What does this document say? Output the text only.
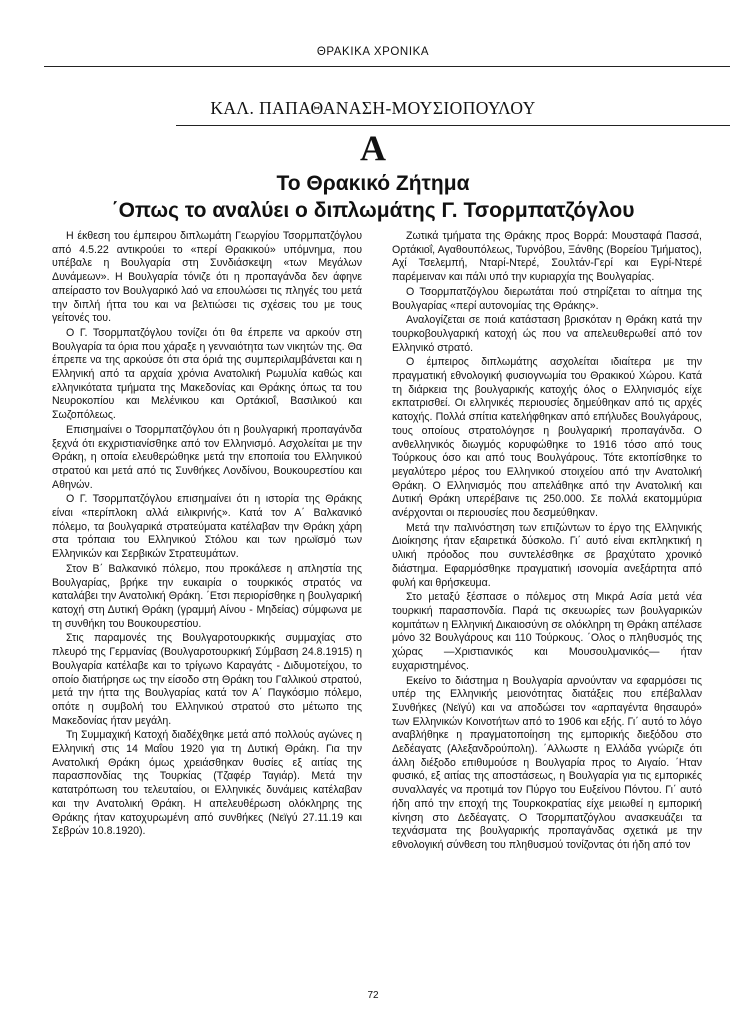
ΘΡΑΚΙΚΑ ΧΡΟΝΙΚΑ
ΚΑΛ. ΠΑΠΑΘΑΝΑΣΗ-ΜΟΥΣΙΟΠΟΥΛΟΥ
Α
Το Θρακικό Ζήτημα
΄Οπως το αναλύει ο διπλωμάτης Γ. Τσορμπατζόγλου

Η έκθεση του έμπειρου διπλωμάτη Γεωργίου Τσορμπατζόγλου από 4.5.22 αντικρούει το «περί Θρακικού» υπόμνημα, που υπέβαλε η Βουλγαρία στη Συνδιάσκεψη «των Μεγάλων Δυνάμεων». Η Βουλγαρία τόνιζε ότι η προπαγάνδα δεν άφηνε απείραστο τον Βουλγαρικό λαό να επουλώσει τις πληγές του μετά την διπλή ήττα του και να βελτιώσει τις σχέσεις του με τους γείτονές του.

Ο Γ. Τσορμπατζόγλου τονίζει ότι θα έπρεπε να αρκούν στη Βουλγαρία τα όρια που χάραξε η γενναιότητα των νικητών της. Θα έπρεπε να της αρκούσε ότι στα όριά της συμπεριλαμβάνεται και η Ελληνική από τα αρχαία χρόνια Ανατολική Ρωμυλία καθώς και ελληνικότατα τμήματα της Μακεδονίας και Θράκης όπως τα του Νευροκοπίου και Μελένικου και Ορτάκιοΐ, Βασιλικού και Σωζοπόλεως.

Επισημαίνει ο Τσορμπατζόγλου ότι η βουλγαρική προπαγάνδα ξεχνά ότι εκχριστιανίσθηκε από τον Ελληνισμό. Ασχολείται με την Θράκη, η οποία ελευθερώθηκε μετά την εποποιία του Ελληνικού στρατού και μετά από τις Συνθήκες Λονδίνου, Βουκουρεστίου και Αθηνών.

Ο Γ. Τσορμπατζόγλου επισημαίνει ότι η ιστορία της Θράκης είναι «περίπλοκη αλλά ειλικρινής». Κατά τον Α΄ Βαλκανικό πόλεμο, τα βουλγαρικά στρατεύματα κατέλαβαν την Θράκη χάρη στα τρόπαια του Ελληνικού Στόλου και των ηρωϊσμό των Ελληνικών και Σερβικών Στρατευμάτων.

Στον Β΄ Βαλκανικό πόλεμο, που προκάλεσε η απληστία της Βουλγαρίας, βρήκε την ευκαιρία ο τουρκικός στρατός να καταλάβει την Ανατολική Θράκη. ΄Ετσι περιορίσθηκε η βουλγαρική κατοχή στη Δυτική Θράκη (γραμμή Αίνου - Μηδείας) σύμφωνα με τη συνθήκη του Βουκουρεστίου.

Στις παραμονές της Βουλγαροτουρκικής συμμαχίας στο πλευρό της Γερμανίας (Βουλγαροτουρκική Σύμβαση 24.8.1915) η Βουλγαρία κατέλαβε και το τρίγωνο Καραγάτς - Διδυμοτείχου, το οποίο διατήρησε ως την είσοδο στη Θράκη του Γαλλικού στρατού, μετά την ήττα της Βουλγαρίας κατά τον Α΄ Παγκόσμιο πόλεμο, οπότε η συμβολή του Ελληνικού στρατού στο μέτωπο της Μακεδονίας ήταν μεγάλη.

Τη Συμμαχική Κατοχή διαδέχθηκε μετά από πολλούς αγώνες η Ελληνική στις 14 Μαΐου 1920 για τη Δυτική Θράκη. Για την Ανατολική Θράκη όμως χρειάσθηκαν θυσίες εξ αιτίας της παρασπονδίας της Τουρκίας (Τζαφέρ Ταγιάρ). Μετά την κατατρόπωση του τελευταίου, οι Ελληνικές δυνάμεις κατέλαβαν και την Ανατολική Θράκη. Η απελευθέρωση ολόκληρης της Θράκης ήταν κατοχυρωμένη από συνθήκες (Νεϊγύ 27.11.19 και Σεβρών 10.8.1920).

Ζωτικά τμήματα της Θράκης προς Βορρά: Μουσταφά Πασσά, Ορτάκιοΐ, Αγαθουπόλεως, Τυρνόβου, Ξάνθης (Βορείου Τμήματος), Αχί Τσελεμπή, Νταρί-Ντερέ, Σουλτάν-Γερί και Εγρί-Ντερέ παρέμειναν και πάλι υπό την κυριαρχία της Βουλγαρίας.

Ο Τσορμπατζόγλου διερωτάται πού στηρίζεται το αίτημα της Βουλγαρίας «περί αυτονομίας της Θράκης».

Αναλογίζεται σε ποιά κατάσταση βρισκόταν η Θράκη κατά την τουρκοβουλγαρική κατοχή ώς που να απελευθερωθεί από τον Ελληνικό στρατό.

Ο έμπειρος διπλωμάτης ασχολείται ιδιαίτερα με την πραγματική εθνολογική φυσιογνωμία του Θρακικού Χώρου. Κατά τη διάρκεια της βουλγαρικής κατοχής όλος ο Ελληνισμός είχε εκπατρισθεί. Οι ελληνικές περιουσίες δημεύθηκαν από τις αρχές κατοχής. Πολλά σπίτια κατελήφθηκαν από επήλυδες Βουλγάρους, τους οποίους στρατολόγησε η βουλγαρική προπαγάνδα. Ο ανθελληνικός διωγμός κορυφώθηκε το 1916 τόσο από τους Τούρκους όσο και από τους Βουλγάρους. Τότε εκτοπίσθηκε το μεγαλύτερο μέρος του Ελληνικού στοιχείου από την Ανατολική Θράκη. Ο Ελληνισμός που απελάθηκε από την Ανατολική και Δυτική Θράκη υπερέβαινε τις 250.000. Σε πολλά εκατομμύρια ανέρχονται οι περιουσίες που δεσμεύθηκαν.

Μετά την παλινόστηση των επιζώντων το έργο της Ελληνικής Διοίκησης ήταν εξαιρετικά δύσκολο. Γι΄ αυτό είναι εκπληκτική η υλική πρόοδος που συντελέσθηκε σε βραχύτατο χρονικό διάστημα. Εφαρμόσθηκε πραγματική ισονομία ανεξάρτητα από φυλή και θρήσκευμα.

Στο μεταξύ ξέσπασε ο πόλεμος στη Μικρά Ασία μετά νέα τουρκική παρασπονδία. Παρά τις σκευωρίες των βουλγαρικών κομιτάτων η Ελληνική Δικαιοσύνη σε ολόκληρη τη Θράκη απέλασε μόνο 32 Βουλγάρους και 110 Τούρκους. ΄Ολος ο πληθυσμός της χώρας —Χριστιανικός και Μουσουλμανικός— ήταν ευχαριστημένος.

Εκείνο το διάστημα η Βουλγαρία αρνούνταν να εφαρμόσει τις υπέρ της Ελληνικής μειονότητας διατάξεις που επέβαλλαν Συνθήκες (Νεϊγύ) και να αποδώσει τον «αρπαγέντα θησαυρό» των Ελληνικών Κοινοτήτων από το 1906 και εξής. Γι΄ αυτό το λόγο αναβλήθηκε η πραγματοποίηση της εμπορικής διεξόδου στο Δεδέαγατς (Αλεξανδρούπολη). ΄Αλλωστε η Ελλάδα γνώριζε ότι άλλη διέξοδο επιθυμούσε η Βουλγαρία προς το Αιγαίο. ΄Ηταν φυσικό, εξ αιτίας της αποστάσεως, η Βουλγαρία για τις εμπορικές συναλλαγές να προτιμά τον Πύργο του Ευξείνου Πόντου. Γι΄ αυτό ήδη από την εποχή της Τουρκοκρατίας είχε μειωθεί η εμπορική κίνηση στο Δεδέαγατς. Ο Τσορμπατζόγλου ανασκευάζει τα τεχνάσματα της βουλγαρικής προπαγάνδας σχετικά με την εθνολογική σύνθεση του πληθυσμού τονίζοντας ότι ήδη από τον

72
